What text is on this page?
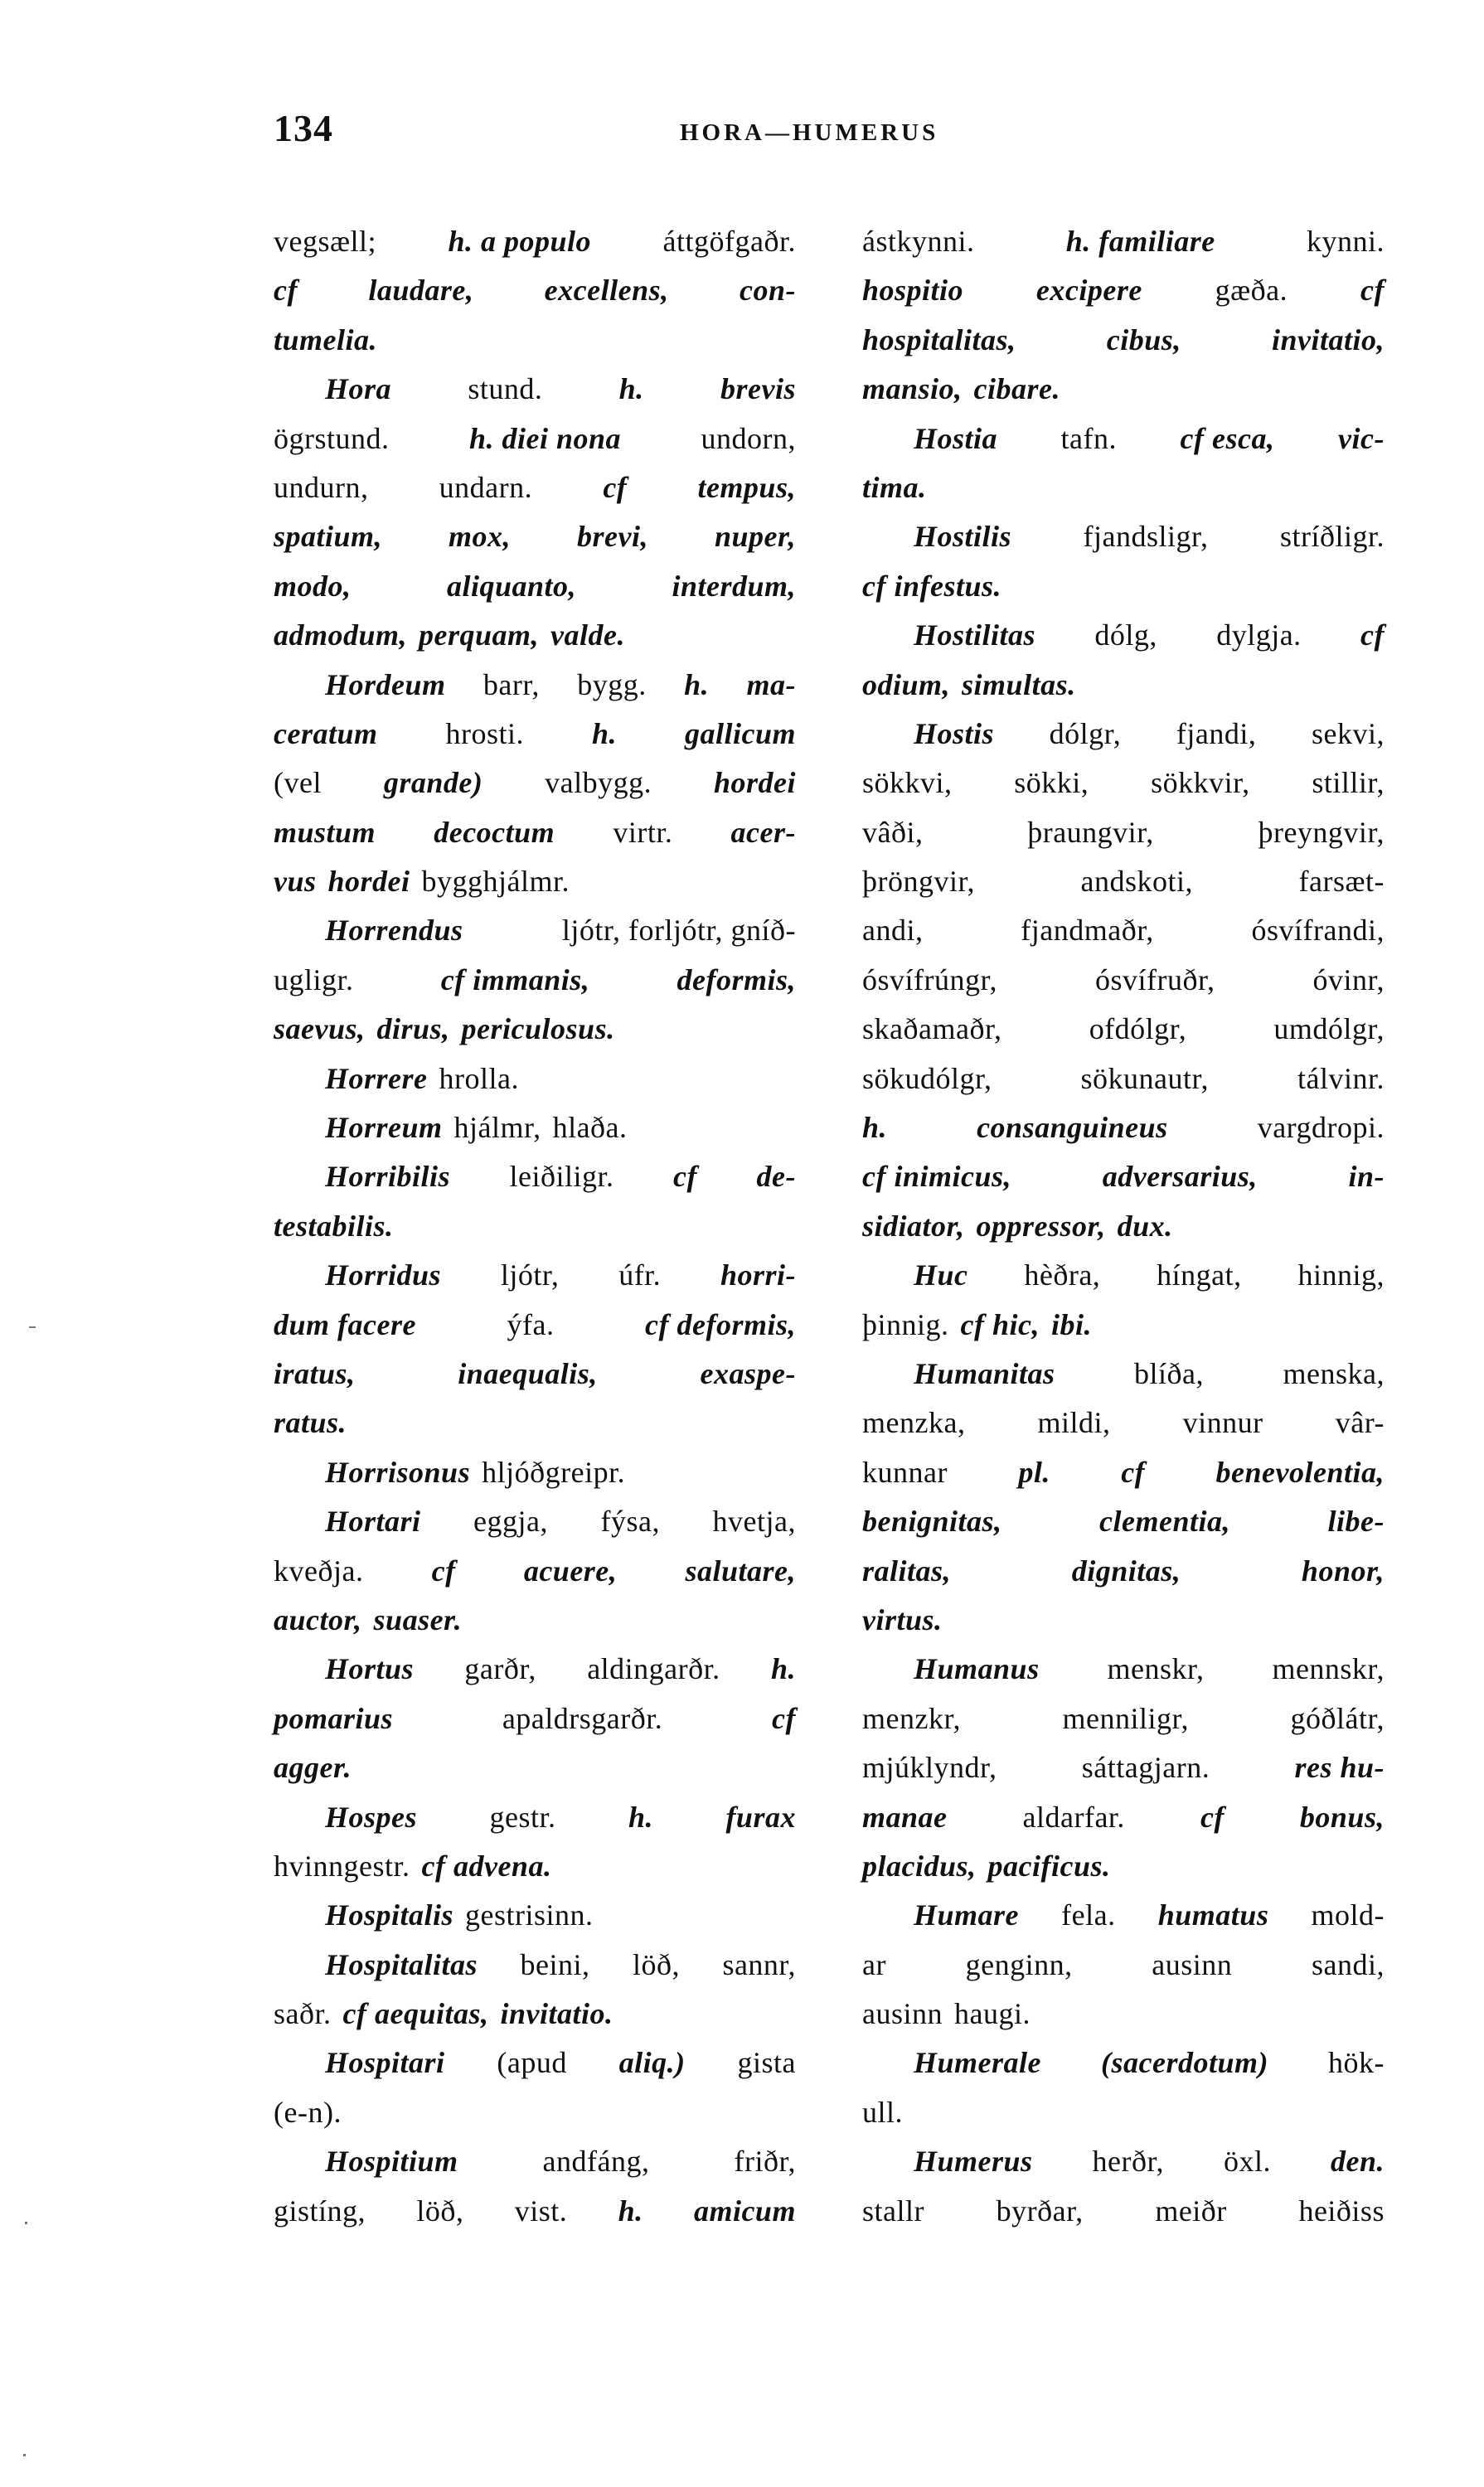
134	HORA—HUMERUS
vegsæll; h. a populo áttgöfgaðr.
cf laudare, excellens, con-
tumelia.
Hora	stund.	h.	brevis
ögrstund.	h. diei nona	undorn,
undurn, undarn. cf tempus,
spatium, mox, brevi, nuper,
modo,	aliquanto,	interdum,
admodum, perquam, valde.
Hordeum barr, bygg. h. ma-
ceratum hrosti. h. gallicum
(vel grande) valbygg. hordei
mustum decoctum virtr. acer-
vus hordei bygghjálmr.
Horrendus	ljótr, forljótr, gníð-
ugligr.	cf immanis,	deformis,
saevus, dirus, periculosus.
Horrere hrolla.
Horreum hjálmr, hlaða.
Horribilis leiðiligr. cf de-
testabilis.
Horridus ljótr, úfr. horri-
dum facere	ýfa.	cf deformis,
iratus,	inaequalis,	exaspe-
ratus.
Horrisonus hljóðgreipr.
Hortari eggja, fýsa, hvetja,
kveðja. cf acuere, salutare,
auctor, suaser.
Hortus garðr, aldingarðr. h.
pomarius	apaldrsgarðr.	cf
agger.
Hospes gestr. h. furax
hvinngestr. cf advena.
Hospitalis gestrisinn.
Hospitalitas beini, löð, sannr,
saðr. cf aequitas, invitatio.
Hospitari (apud aliq.) gista
(e-n).
Hospitium	andfáng,	friðr,
gistíng, löð, vist. h. amicum
ástkynni.	h. familiare	kynni.
hospitio excipere gæða. cf
hospitalitas,	cibus,	invitatio,
mansio, cibare.
Hostia tafn. cf esca, vic-
tima.
Hostilis fjandsligr, stríðligr.
cf infestus.
Hostilitas dólg, dylgja. cf
odium, simultas.
Hostis dólgr, fjandi, sekvi,
sökkvi, sökki, sökkvir, stillir,
vâði,	þraungvir,	þreyngvir,
þröngvir,	andskoti,	farsæt-
andi,	fjandmaðr,	ósvífrandi,
ósvífrúngr,	ósvífruðr,	óvinr,
skaðamaðr,	ofdólgr,	umdólgr,
sökudólgr,	sökunautr,	tálvinr.
h.	consanguineus	vargdropi.
cf inimicus,	adversarius,	in-
sidiator, oppressor, dux.
Huc hèðra, híngat, hinnig,
þinnig. cf hic, ibi.
Humanitas	blíða,	menska,
menzka, mildi, vinnur vâr-
kunnar pl. cf benevolentia,
benignitas,	clementia,	libe-
ralitas,	dignitas,	honor,
virtus.
Humanus menskr, mennskr,
menzkr,	menniligr,	góðlátr,
mjúklyndr,	sáttagjarn.	res hu-
manae	aldarfar.	cf	bonus,
placidus, pacificus.
Humare fela. humatus mold-
ar	genginn,	ausinn	sandi,
ausinn haugi.
Humerale (sacerdotum) hök-
ull.
Humerus herðr, öxl. den.
stallr byrðar, meiðr heiðiss
